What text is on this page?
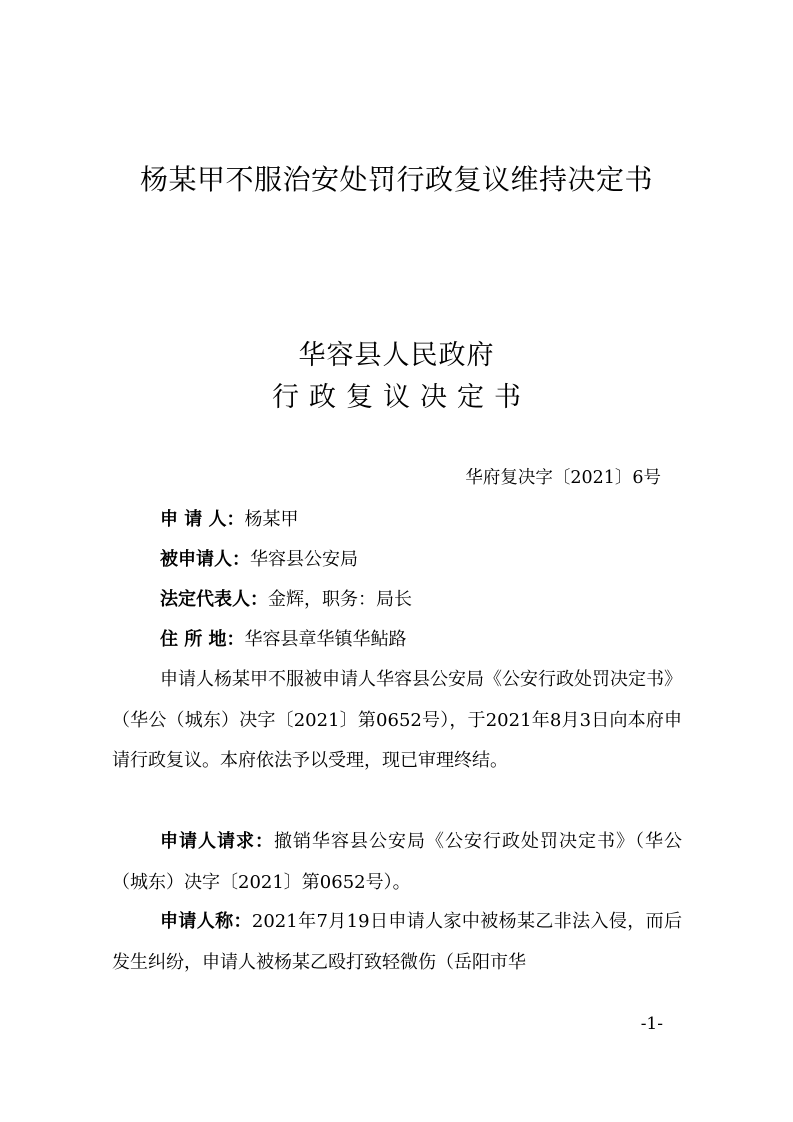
杨某甲不服治安处罚行政复议维持决定书
华容县人民政府
行政复议决定书
华府复决字〔2021〕6号
申 请 人：杨某甲
被申请人：华容县公安局
法定代表人：金辉，职务：局长
住 所 地：华容县章华镇华鲇路

申请人杨某甲不服被申请人华容县公安局《公安行政处罚决定书》（华公（城东）决字〔2021〕第0652号），于2021年8月3日向本府申请行政复议。本府依法予以受理，现已审理终结。

申请人请求：撤销华容县公安局《公安行政处罚决定书》（华公（城东）决字〔2021〕第0652号）。

申请人称：2021年7月19日申请人家中被杨某乙非法入侵，而后发生纠纷，申请人被杨某乙殴打致轻微伤（岳阳市华

-1-
